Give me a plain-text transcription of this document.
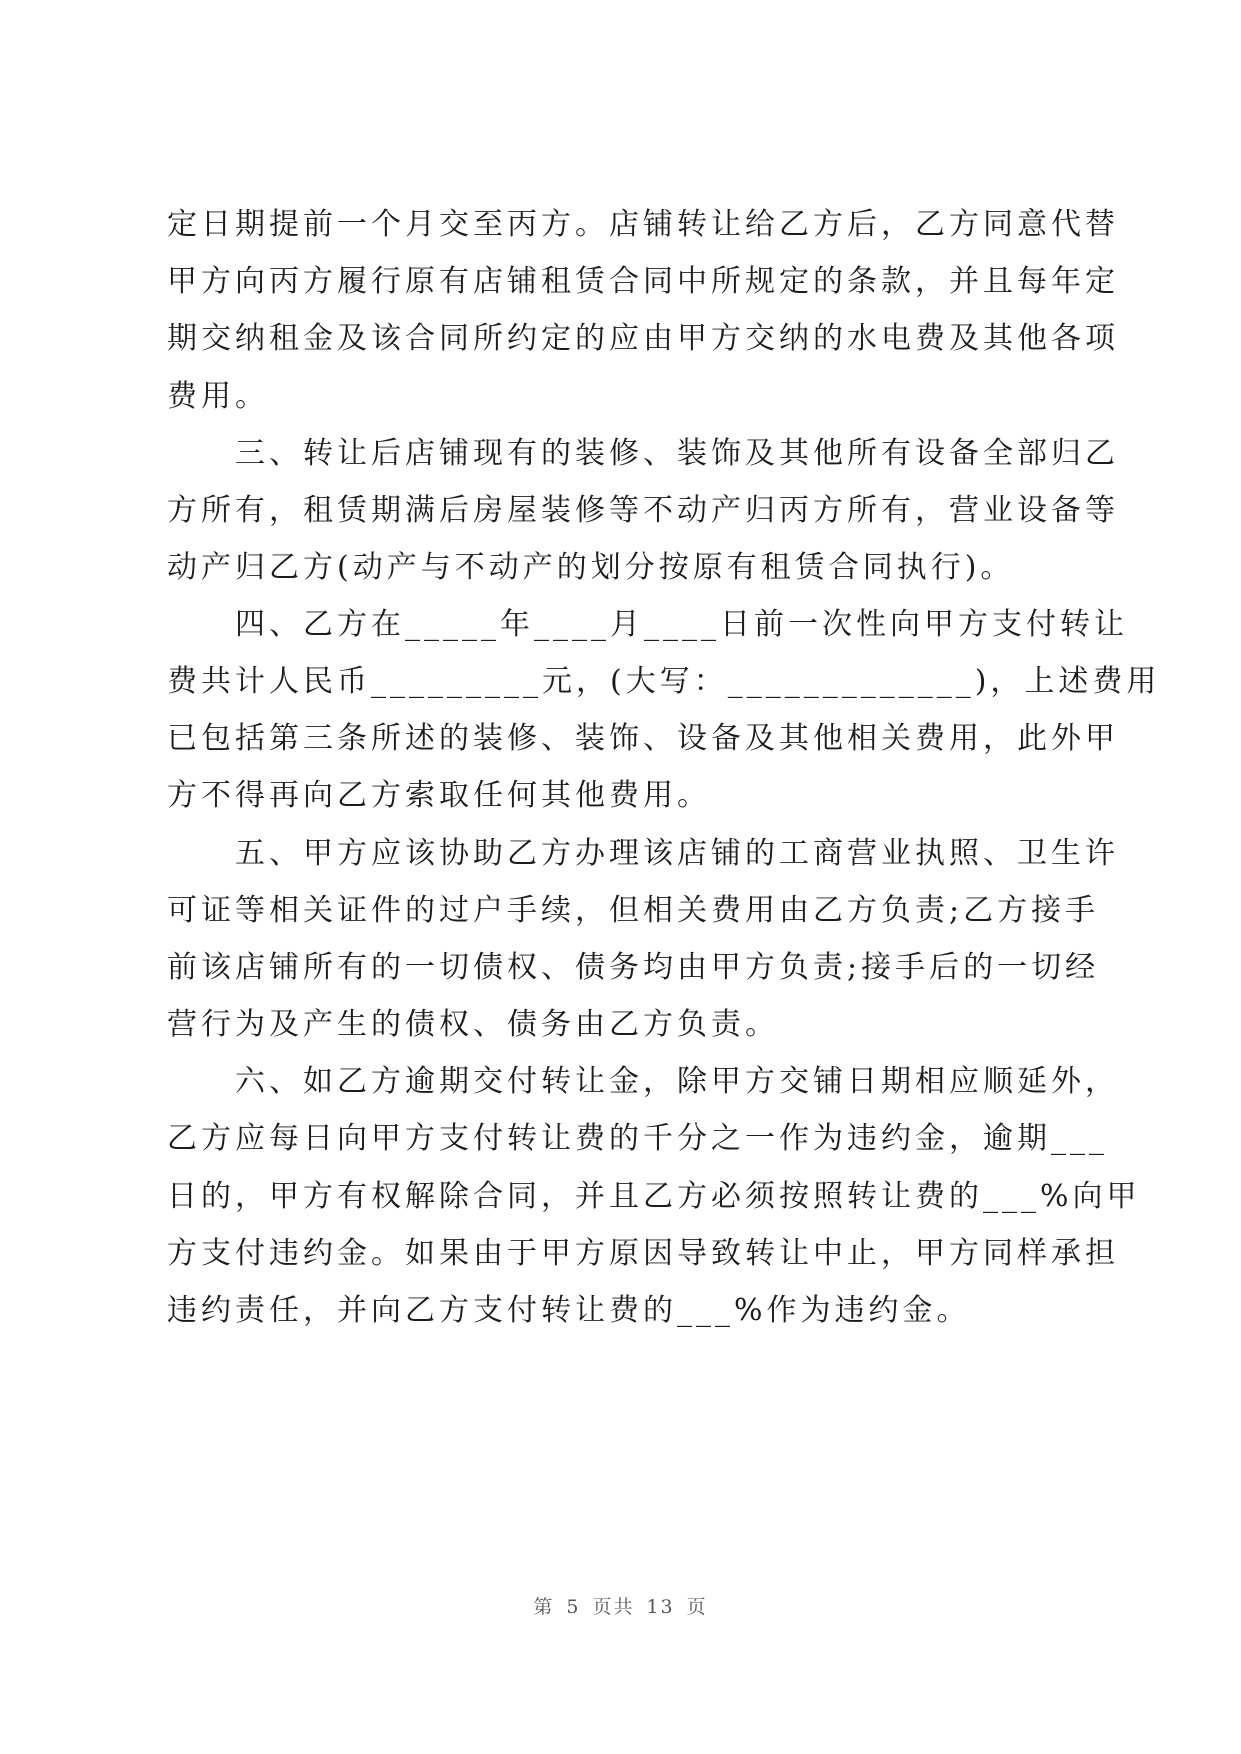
定日期提前一个月交至丙方。店铺转让给乙方后，乙方同意代替
甲方向丙方履行原有店铺租赁合同中所规定的条款，并且每年定
期交纳租金及该合同所约定的应由甲方交纳的水电费及其他各项
费用。
　　三、转让后店铺现有的装修、装饰及其他所有设备全部归乙
方所有，租赁期满后房屋装修等不动产归丙方所有，营业设备等
动产归乙方(动产与不动产的划分按原有租赁合同执行)。
　　四、乙方在_____年____月____日前一次性向甲方支付转让
费共计人民币_________元，(大写：_____________)，上述费用
已包括第三条所述的装修、装饰、设备及其他相关费用，此外甲
方不得再向乙方索取任何其他费用。
　　五、甲方应该协助乙方办理该店铺的工商营业执照、卫生许
可证等相关证件的过户手续，但相关费用由乙方负责;乙方接手
前该店铺所有的一切债权、债务均由甲方负责;接手后的一切经
营行为及产生的债权、债务由乙方负责。
　　六、如乙方逾期交付转让金，除甲方交铺日期相应顺延外，
乙方应每日向甲方支付转让费的千分之一作为违约金，逾期___
日的，甲方有权解除合同，并且乙方必须按照转让费的___%向甲
方支付违约金。如果由于甲方原因导致转让中止，甲方同样承担
违约责任，并向乙方支付转让费的___%作为违约金。
第 5 页共 13 页
